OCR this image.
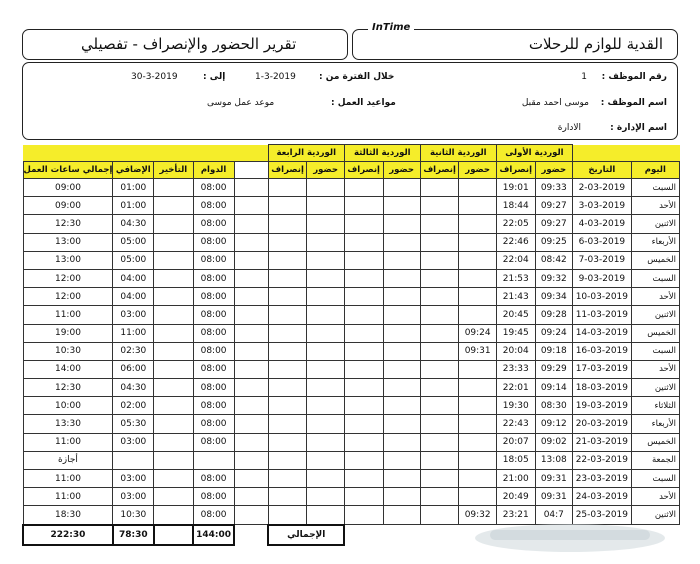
القدية للوازم للرحلات
InTime
تقرير الحضور والإنصراف - تفصيلي
رقم الموظف :
1
اسم الموظف :
موسى احمد مقبل
اسم الإدارة :
الادارة
خلال الفترة من :
1-3-2019
إلى :
30-3-2019
مواعيد العمل :
موعد عمل موسى
					الوردية الرابعة		الوردية الثالثة		الوردية الثانية		الوردية الأولى			
إجمالي ساعات العمل	الإضافي	التأخير	الدوام		إنصراف	حضور	إنصراف	حضور	إنصراف	حضور	إنصراف	حضور	التاريخ	اليوم
09:00	01:00		08:00								19:01	09:33	2-03-2019	السبت
09:00	01:00		08:00								18:44	09:27	3-03-2019	الأحد
12:30	04:30		08:00								22:05	09:27	4-03-2019	الاثنين
13:00	05:00		08:00								22:46	09:25	6-03-2019	الأربعاء
13:00	05:00		08:00								22:04	08:42	7-03-2019	الخميس
12:00	04:00		08:00								21:53	09:32	9-03-2019	السبت
12:00	04:00		08:00								21:43	09:34	10-03-2019	الأحد
11:00	03:00		08:00								20:45	09:28	11-03-2019	الاثنين
19:00	11:00		08:00							09:24	19:45	09:24	14-03-2019	الخميس
10:30	02:30		08:00							09:31	20:04	09:18	16-03-2019	السبت
14:00	06:00		08:00								23:33	09:29	17-03-2019	الأحد
12:30	04:30		08:00								22:01	09:14	18-03-2019	الاثنين
10:00	02:00		08:00								19:30	08:30	19-03-2019	الثلاثاء
13:30	05:30		08:00								22:43	09:12	20-03-2019	الأربعاء
11:00	03:00		08:00								20:07	09:02	21-03-2019	الخميس
أجازة											18:05	13:08	22-03-2019	الجمعة
11:00	03:00		08:00								21:00	09:31	23-03-2019	السبت
11:00	03:00		08:00								20:49	09:31	24-03-2019	الأحد
18:30	10:30		08:00							09:32	23:21	04:7	25-03-2019	الاثنين
222:30	78:30		144:00		الإجمالي									
